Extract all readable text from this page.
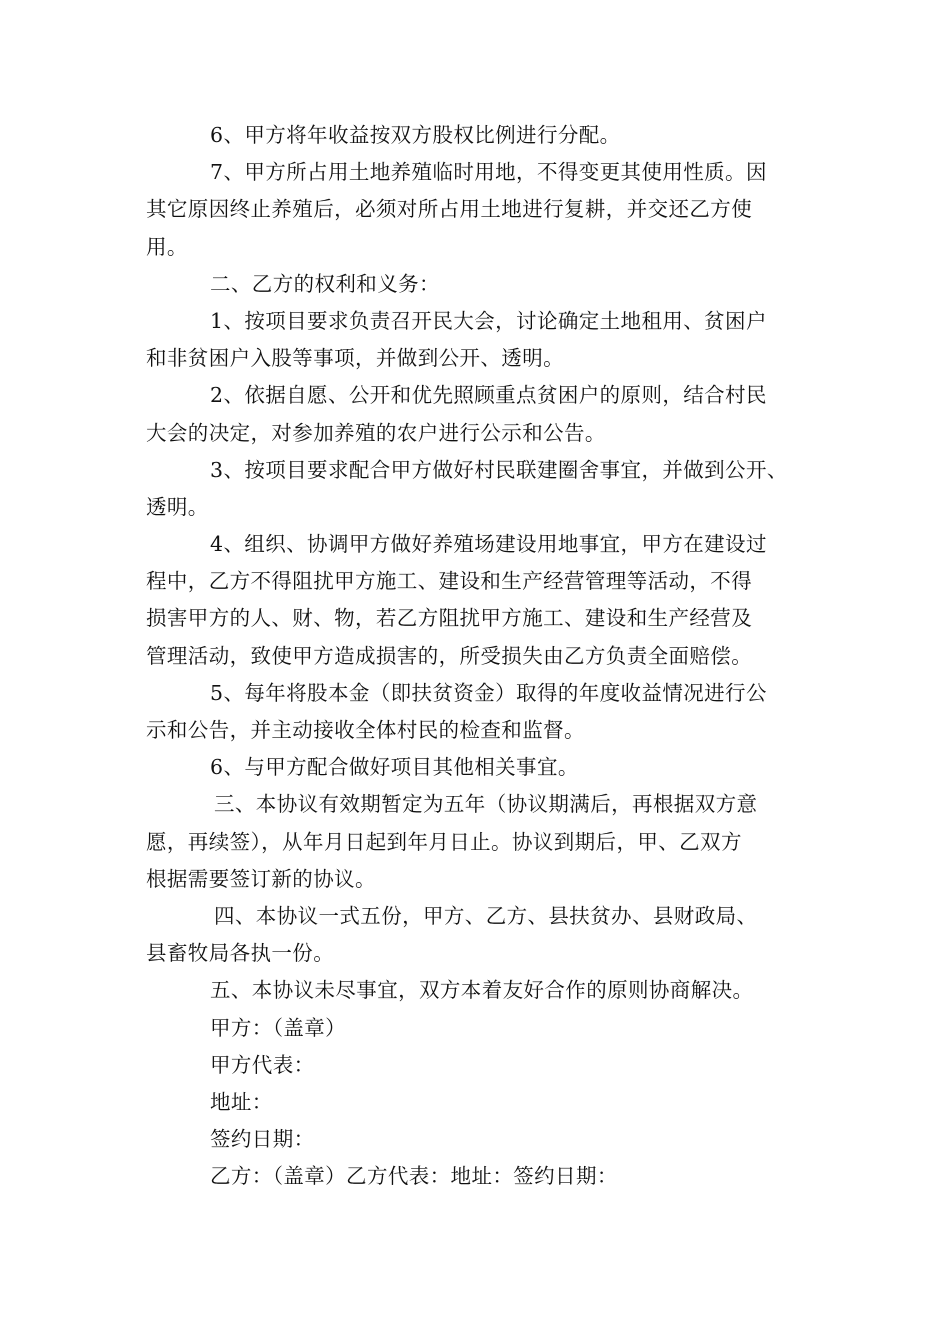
6、甲方将年收益按双方股权比例进行分配。
7、甲方所占用土地养殖临时用地，不得变更其使用性质。因
其它原因终止养殖后，必须对所占用土地进行复耕，并交还乙方使
用。
二、乙方的权利和义务：
1、按项目要求负责召开民大会，讨论确定土地租用、贫困户
和非贫困户入股等事项，并做到公开、透明。
2、依据自愿、公开和优先照顾重点贫困户的原则，结合村民
大会的决定，对参加养殖的农户进行公示和公告。
3、按项目要求配合甲方做好村民联建圈舍事宜，并做到公开、
透明。
4、组织、协调甲方做好养殖场建设用地事宜，甲方在建设过
程中，乙方不得阻扰甲方施工、建设和生产经营管理等活动，不得
损害甲方的人、财、物，若乙方阻扰甲方施工、建设和生产经营及
管理活动，致使甲方造成损害的，所受损失由乙方负责全面赔偿。
5、每年将股本金（即扶贫资金）取得的年度收益情况进行公
示和公告，并主动接收全体村民的检查和监督。
6、与甲方配合做好项目其他相关事宜。
三、本协议有效期暂定为五年（协议期满后，再根据双方意
愿，再续签），从年月日起到年月日止。协议到期后，甲、乙双方
根据需要签订新的协议。
四、本协议一式五份，甲方、乙方、县扶贫办、县财政局、
县畜牧局各执一份。
五、本协议未尽事宜，双方本着友好合作的原则协商解决。
甲方：（盖章）
甲方代表：
地址：
签约日期：
乙方：（盖章）乙方代表：地址：签约日期：
